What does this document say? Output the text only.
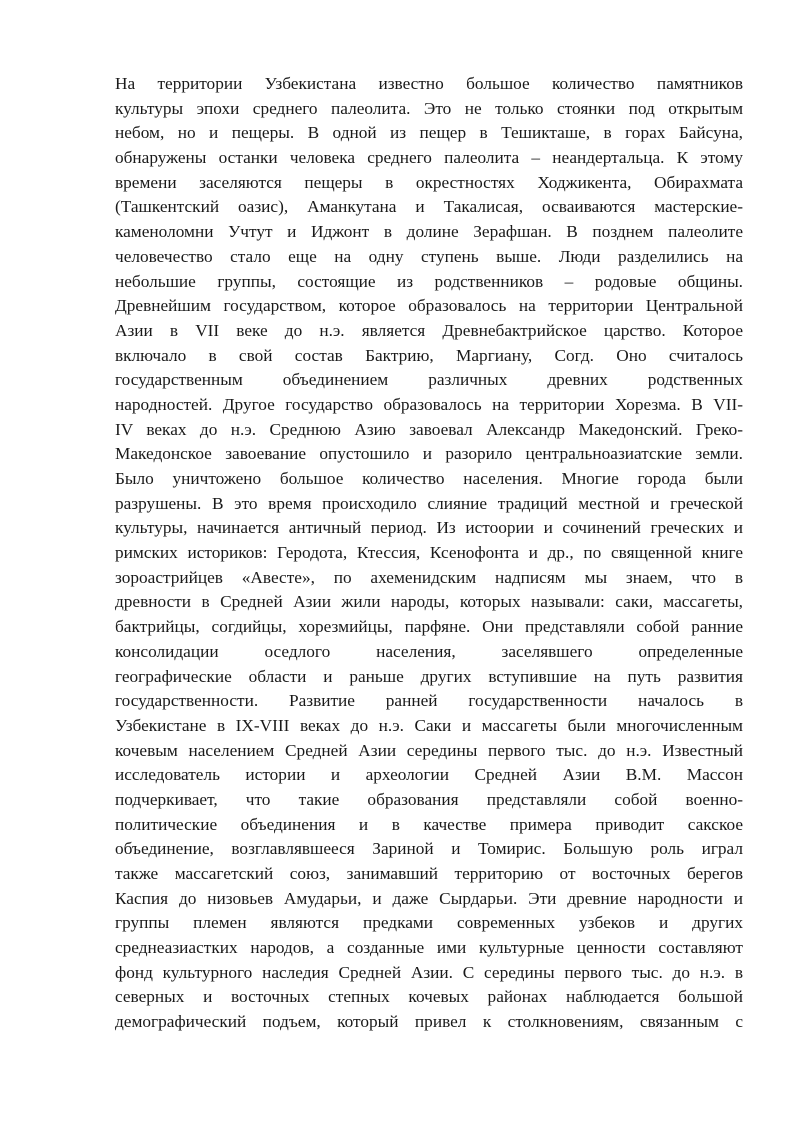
На территории Узбекистана известно большое количество памятников
культуры эпохи среднего палеолита. Это не только стоянки под открытым
небом, но и пещеры. В одной из пещер в Тешикташе, в горах Байсуна,
обнаружены останки человека среднего палеолита – неандертальца. К этому
времени заселяются пещеры в окрестностях Ходжикента, Обирахмата
(Ташкентский оазис), Аманкутана и Такалисая, осваиваются мастерские-
каменоломни Учтут и Иджонт в долине Зерафшан. В позднем палеолите
человечество стало еще на одну ступень выше. Люди разделились на
небольшие группы, состоящие из родственников – родовые общины.
Древнейшим государством, которое образовалось на территории Центральной
Азии в VII веке до н.э. является Древнебактрийское царство. Которое
включало в свой состав Бактрию, Маргиану, Согд. Оно считалось
государственным объединением различных древних родственных
народностей. Другое государство образовалось на территории Хорезма. В VII-
IV веках до н.э. Среднюю Азию завоевал Александр Македонский. Греко-
Македонское завоевание опустошило и разорило центральноазиатские земли.
Было уничтожено большое количество населения. Многие города были
разрушены. В это время происходило слияние традиций местной и греческой
культуры, начинается античный период. Из истоории и сочинений греческих и
римских историков: Геродота, Ктессия, Ксенофонта и др., по священной книге
зороастрийцев «Авесте», по ахеменидским надписям мы знаем, что в
древности в Средней Азии жили народы, которых называли: саки, массагеты,
бактрийцы, согдийцы, хорезмийцы, парфяне. Они представляли собой ранние
консолидации оседлого населения, заселявшего определенные
географические области и раньше других вступившие на путь развития
государственности. Развитие ранней государственности началось в
Узбекистане в IX-VIII веках до н.э. Саки и массагеты были многочисленным
кочевым населением Средней Азии середины первого тыс. до н.э. Известный
исследователь истории и археологии Средней Азии В.М. Массон
подчеркивает, что такие образования представляли собой военно-
политические объединения и в качестве примера приводит сакское
объединение, возглавлявшееся Зариной и Томирис. Большую роль играл
также массагетский союз, занимавший территорию от восточных берегов
Каспия до низовьев Амударьи, и даже Сырдарьи. Эти древние народности и
группы племен являются предками современных узбеков и других
среднеазиастких народов, а созданные ими культурные ценности составляют
фонд культурного наследия Средней Азии. С середины первого тыс. до н.э. в
северных и восточных степных кочевых районах наблюдается большой
демографический подъем, который привел к столкновениям, связанным с
